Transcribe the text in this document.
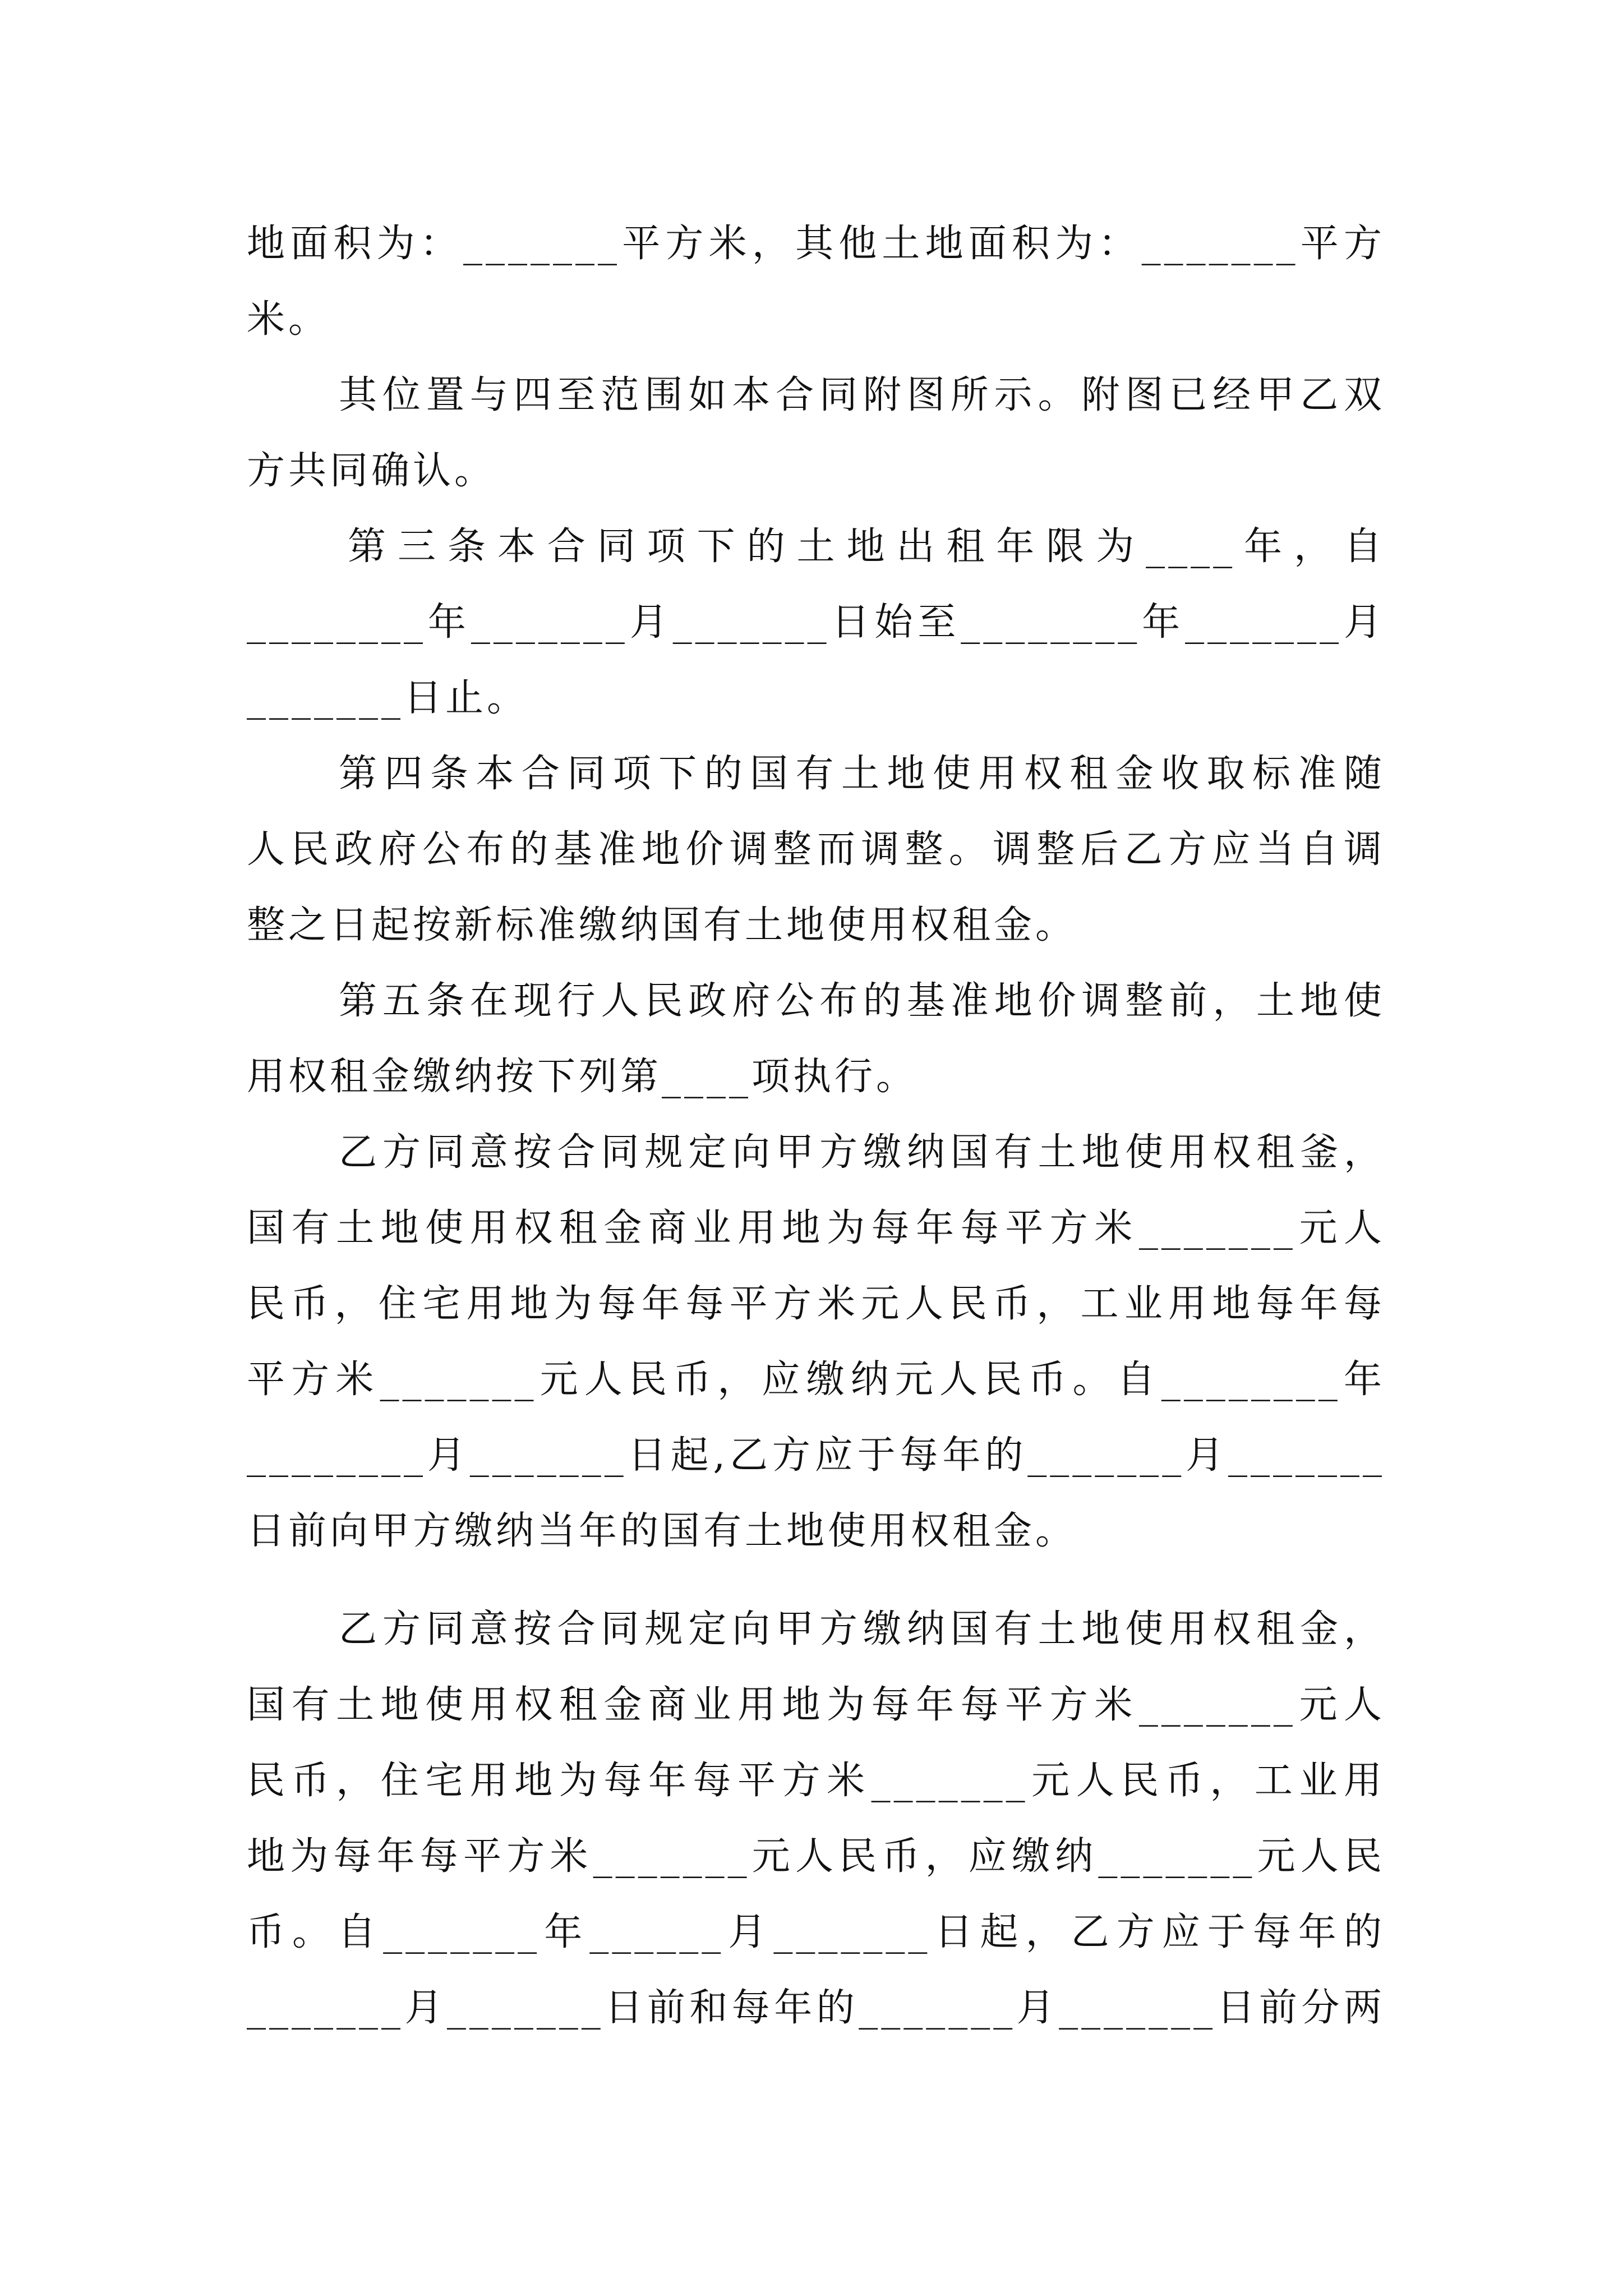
地面积为：_______平方米，其他土地面积为：_______平方
米。
其位置与四至范围如本合同附图所示。附图已经甲乙双
方共同确认。
第三条本合同项下的土地出租年限为____年，自
________年_______月_______日始至________年_______月
_______日止。
第四条本合同项下的国有土地使用权租金收取标准随
人民政府公布的基准地价调整而调整。调整后乙方应当自调
整之日起按新标准缴纳国有土地使用权租金。
第五条在现行人民政府公布的基准地价调整前，土地使
用权租金缴纳按下列第____项执行。
乙方同意按合同规定向甲方缴纳国有土地使用权租釜，
国有土地使用权租金商业用地为每年每平方米_______元人
民币，住宅用地为每年每平方米元人民币，工业用地每年每
平方米_______元人民币，应缴纳元人民币。自________年
________月_______日起,乙方应于每年的_______月_______
日前向甲方缴纳当年的国有土地使用权租金。
乙方同意按合同规定向甲方缴纳国有土地使用权租金，
国有土地使用权租金商业用地为每年每平方米_______元人
民币，住宅用地为每年每平方米_______元人民币，工业用
地为每年每平方米_______元人民币，应缴纳_______元人民
币。自_______年______月_______日起，乙方应于每年的
_______月_______日前和每年的_______月_______日前分两
